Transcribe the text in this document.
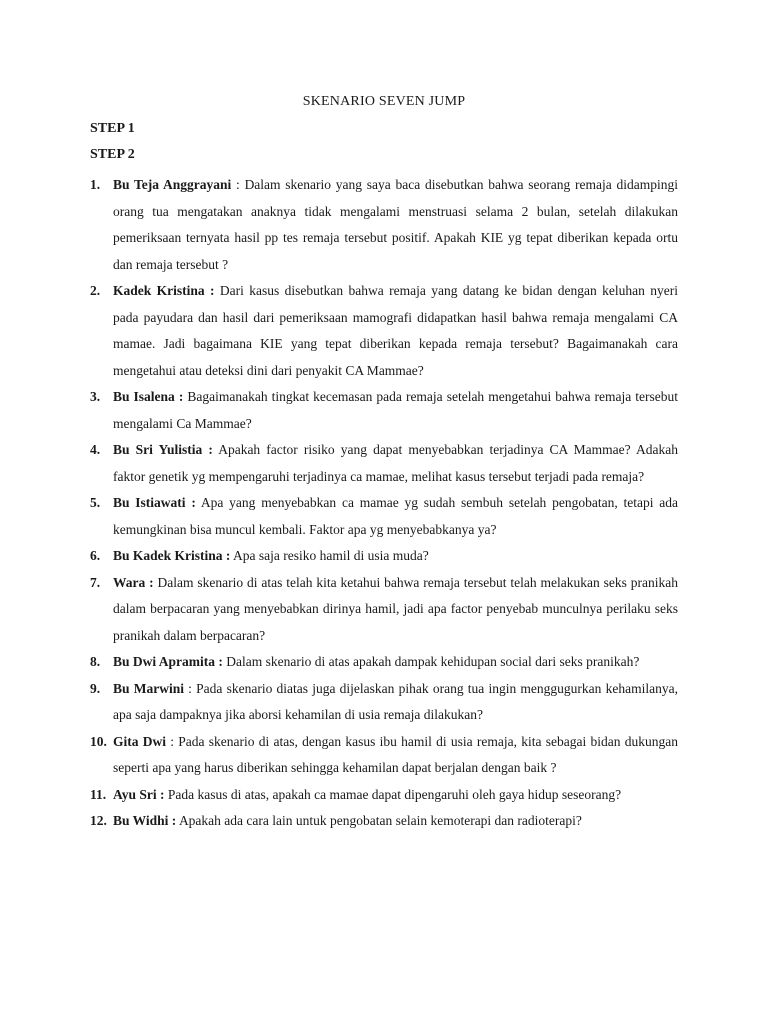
SKENARIO SEVEN JUMP
STEP 1
STEP 2
1. Bu Teja Anggrayani : Dalam skenario yang saya baca disebutkan bahwa seorang remaja didampingi orang tua mengatakan anaknya tidak mengalami menstruasi selama 2 bulan, setelah dilakukan pemeriksaan ternyata hasil pp tes remaja tersebut positif. Apakah KIE yg tepat diberikan kepada ortu dan remaja tersebut ?
2. Kadek Kristina : Dari kasus disebutkan bahwa remaja yang datang ke bidan dengan keluhan nyeri pada payudara dan hasil dari pemeriksaan mamografi didapatkan hasil bahwa remaja mengalami CA mamae. Jadi bagaimana KIE yang tepat diberikan kepada remaja tersebut? Bagaimanakah cara mengetahui atau deteksi dini dari penyakit CA Mammae?
3. Bu Isalena : Bagaimanakah tingkat kecemasan pada remaja setelah mengetahui bahwa remaja tersebut mengalami Ca Mammae?
4. Bu Sri Yulistia : Apakah factor risiko yang dapat menyebabkan terjadinya CA Mammae? Adakah faktor genetik yg mempengaruhi terjadinya ca mamae, melihat kasus tersebut terjadi pada remaja?
5. Bu Istiawati : Apa yang menyebabkan ca mamae yg sudah sembuh setelah pengobatan, tetapi ada kemungkinan bisa muncul kembali. Faktor apa yg menyebabkanya ya?
6. Bu Kadek Kristina : Apa saja resiko hamil di usia muda?
7. Wara : Dalam skenario di atas telah kita ketahui bahwa remaja tersebut telah melakukan seks pranikah dalam berpacaran yang menyebabkan dirinya hamil, jadi apa factor penyebab munculnya perilaku seks pranikah dalam berpacaran?
8. Bu Dwi Apramita : Dalam skenario di atas apakah dampak kehidupan social dari seks pranikah?
9. Bu Marwini : Pada skenario diatas juga dijelaskan pihak orang tua ingin menggugurkan kehamilanya, apa saja dampaknya jika aborsi kehamilan di usia remaja dilakukan?
10. Gita Dwi : Pada skenario di atas, dengan kasus ibu hamil di usia remaja, kita sebagai bidan dukungan seperti apa yang harus diberikan sehingga kehamilan dapat berjalan dengan baik ?
11. Ayu Sri : Pada kasus di atas, apakah ca mamae dapat dipengaruhi oleh gaya hidup seseorang?
12. Bu Widhi : Apakah ada cara lain untuk pengobatan selain kemoterapi dan radioterapi?
